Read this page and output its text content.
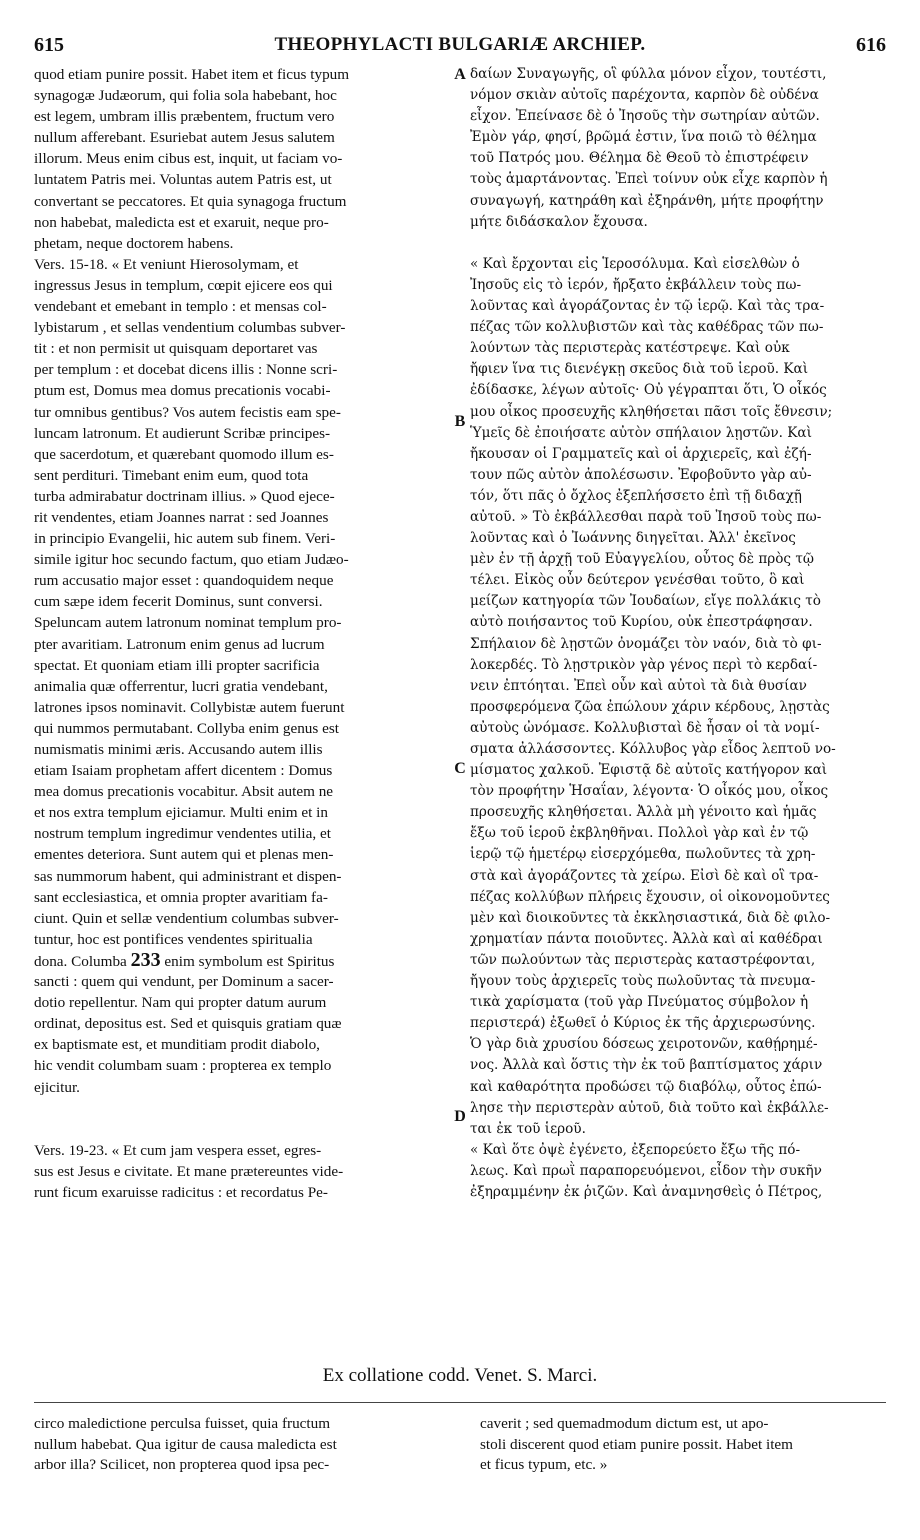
615	THEOPHYLACTI BULGARIÆ ARCHIEP.	616
quod etiam punire possit. Habet item et ficus typum
synagogæ Judæorum, qui folia sola habebant, hoc
est legem, umbram illis præbentem, fructum vero
nullum afferebant. Esuriebat autem Jesus salutem
illorum. Meus enim cibus est, inquit, ut faciam vo-
luntatem Patris mei. Voluntas autem Patris est, ut
convertant se peccatores. Et quia synagoga fructum
non habebat, maledicta est et exaruit, neque pro-
phetam, neque doctorem habens.
Vers. 15-18. « Et veniunt Hierosolymam, et
ingressus Jesus in templum, cœpit ejicere eos qui
vendebant et emebant in templo : et mensas col-
lybistarum , et sellas vendentium columbas subver-
tit : et non permisit ut quisquam deportaret vas
per templum : et docebat dicens illis : Nonne scri-
ptum est, Domus mea domus precationis vocabi-
tur omnibus gentibus? Vos autem fecistis eam spe-
luncam latronum. Et audierunt Scribæ principes-
que sacerdotum, et quærebant quomodo illum es-
sent perdituri. Timebant enim eum, quod tota
turba admirabatur doctrinam illius. » Quod ejece-
rit vendentes, etiam Joannes narrat : sed Joannes
in principio Evangelii, hic autem sub finem. Veri-
simile igitur hoc secundo factum, quo etiam Judæo-
rum accusatio major esset : quandoquidem neque
cum sæpe idem fecerit Dominus, sunt conversi.
Speluncam autem latronum nominat templum pro-
pter avaritiam. Latronum enim genus ad lucrum
spectat. Et quoniam etiam illi propter sacrificia
animalia quæ offerrentur, lucri gratia vendebant,
latrones ipsos nominavit. Collybistæ autem fuerunt
qui nummos permutabant. Collyba enim genus est
numismatis minimi æris. Accusando autem illis
etiam Isaiam prophetam affert dicentem : Domus
mea domus precationis vocabitur. Absit autem ne
et nos extra templum ejiciamur. Multi enim et in
nostrum templum ingredimur vendentes utilia, et
ementes deteriora. Sunt autem qui et plenas men-
sas nummorum habent, qui administrant et dispen-
sant ecclesiastica, et omnia propter avaritiam fa-
ciunt. Quin et sellæ vendentium columbas subver-
tuntur, hoc est pontifices vendentes spiritualia
dona. Columba 233 enim symbolum est Spiritus
sancti : quem qui vendunt, per Dominum a sacer-
dotio repellentur. Nam qui propter datum aurum
ordinat, depositus est. Sed et quisquis gratiam quæ
ex baptismate est, et munditiam prodit diabolo,
hic vendit columbam suam : propterea ex templo
ejicitur.
Vers. 19-23. « Et cum jam vespera esset, egres-
sus est Jesus e civitate. Et mane prætereuntes vide-
runt ficum exaruisse radicitus : et recordatus Pe-
δαίων Συναγωγῆς, οἳ φύλλα μόνον εἶχον, τουτέστι,
νόμον σκιὰν αὐτοῖς παρέχοντα, καρπὸν δὲ οὐδένα
εἶχον. Ἐπείνασε δὲ ὁ Ἰησοῦς τὴν σωτηρίαν αὐτῶν.
Ἐμὸν γάρ, φησί, βρῶμά ἐστιν, ἵνα ποιῶ τὸ θέλημα
τοῦ Πατρός μου. Θέλημα δὲ Θεοῦ τὸ ἐπιστρέφειν
τοὺς ἁμαρτάνοντας. Ἐπεὶ τοίνυν οὐκ εἶχε καρπὸν ἡ
συναγωγή, κατηράθη καὶ ἐξηράνθη, μήτε προφήτην
μήτε διδάσκαλον ἔχουσα.
« Καὶ ἔρχονται εἰς Ἱεροσόλυμα. Καὶ εἰσελθὼν ὁ
Ἰησοῦς εἰς τὸ ἱερόν, ἤρξατο ἐκβάλλειν τοὺς πω-
λοῦντας καὶ ἀγοράζοντας ἐν τῷ ἱερῷ. Καὶ τὰς τρα-
πέζας τῶν κολλυβιστῶν καὶ τὰς καθέδρας τῶν πω-
λούντων τὰς περιστερὰς κατέστρεψε. Καὶ οὐκ
ἤφιεν ἵνα τις διενέγκῃ σκεῦος διὰ τοῦ ἱεροῦ. Καὶ
ἐδίδασκε, λέγων αὐτοῖς· Οὐ γέγραπται ὅτι, Ὁ οἶκός
μου οἶκος προσευχῆς κληθήσεται πᾶσι τοῖς ἔθνεσιν;
Ὑμεῖς δὲ ἐποιήσατε αὐτὸν σπήλαιον λῃστῶν. Καὶ
ἤκουσαν οἱ Γραμματεῖς καὶ οἱ ἀρχιερεῖς, καὶ ἐζή-
τουν πῶς αὐτὸν ἀπολέσωσιν. Ἐφοβοῦντο γὰρ αὐ-
τόν, ὅτι πᾶς ὁ ὄχλος ἐξεπλήσσετο ἐπὶ τῇ διδαχῇ
αὐτοῦ. » Τὸ ἐκβάλλεσθαι παρὰ τοῦ Ἰησοῦ τοὺς πω-
λοῦντας καὶ ὁ Ἰωάννης διηγεῖται. Ἀλλ' ἐκεῖνος
μὲν ἐν τῇ ἀρχῇ τοῦ Εὐαγγελίου, οὗτος δὲ πρὸς τῷ
τέλει. Εἰκὸς οὖν δεύτερον γενέσθαι τοῦτο, ὃ καὶ
μείζων κατηγορία τῶν Ἰουδαίων, εἴγε πολλάκις τὸ
αὐτὸ ποιήσαντος τοῦ Κυρίου, οὐκ ἐπεστράφησαν.
Σπήλαιον δὲ λῃστῶν ὀνομάζει τὸν ναόν, διὰ τὸ φι-
λοκερδές. Τὸ λῃστρικὸν γὰρ γένος περὶ τὸ κερδαί-
νειν ἐπτόηται. Ἐπεὶ οὖν καὶ αὐτοὶ τὰ διὰ θυσίαν
προσφερόμενα ζῶα ἐπώλουν χάριν κέρδους, λῃστὰς
αὐτοὺς ὠνόμασε. Κολλυβισταὶ δὲ ἦσαν οἱ τὰ νομί-
σματα ἀλλάσσοντες. Κόλλυβος γὰρ εἶδος λεπτοῦ νο-
μίσματος χαλκοῦ. Ἐφιστᾷ δὲ αὐτοῖς κατήγορον καὶ
τὸν προφήτην Ἡσαΐαν, λέγοντα· Ὁ οἶκός μου, οἶκος
προσευχῆς κληθήσεται. Ἀλλὰ μὴ γένοιτο καὶ ἡμᾶς
ἔξω τοῦ ἱεροῦ ἐκβληθῆναι. Πολλοὶ γὰρ καὶ ἐν τῷ
ἱερῷ τῷ ἡμετέρῳ εἰσερχόμεθα, πωλοῦντες τὰ χρη-
στὰ καὶ ἀγοράζοντες τὰ χείρω. Εἰσὶ δὲ καὶ οἳ τρα-
πέζας κολλύβων πλήρεις ἔχουσιν, οἱ οἰκονομοῦντες
μὲν καὶ διοικοῦντες τὰ ἐκκλησιαστικά, διὰ δὲ φιλο-
χρηματίαν πάντα ποιοῦντες. Ἀλλὰ καὶ αἱ καθέδραι
τῶν πωλούντων τὰς περιστερὰς καταστρέφονται,
ἤγουν τοὺς ἀρχιερεῖς τοὺς πωλοῦντας τὰ πνευμα-
τικὰ χαρίσματα (τοῦ γὰρ Πνεύματος σύμβολον ἡ
περιστερά) ἐξωθεῖ ὁ Κύριος ἐκ τῆς ἀρχιερωσύνης.
Ὁ γὰρ διὰ χρυσίου δόσεως χειροτονῶν, καθῄρημέ-
νος. Ἀλλὰ καὶ ὅστις τὴν ἐκ τοῦ βαπτίσματος χάριν
καὶ καθαρότητα προδώσει τῷ διαβόλῳ, οὗτος ἐπώ-
λησε τὴν περιστερὰν αὐτοῦ, διὰ τοῦτο καὶ ἐκβάλλε-
ται ἐκ τοῦ ἱεροῦ.
« Καὶ ὅτε ὀψὲ ἐγένετο, ἐξεπορεύετο ἔξω τῆς πό-
λεως. Καὶ πρωῒ παραπορευόμενοι, εἶδον τὴν συκῆν
ἐξηραμμένην ἐκ ῥιζῶν. Καὶ ἀναμνησθεὶς ὁ Πέτρος,
A
B
C
D
Ex collatione codd. Venet. S. Marci.
circo maledictione perculsa fuisset, quia fructum
nullum habebat. Qua igitur de causa maledicta est
arbor illa? Scilicet, non propterea quod ipsa pec-
caverit ; sed quemadmodum dictum est, ut apo-
stoli discerent quod etiam punire possit. Habet item
et ficus typum, etc. »
